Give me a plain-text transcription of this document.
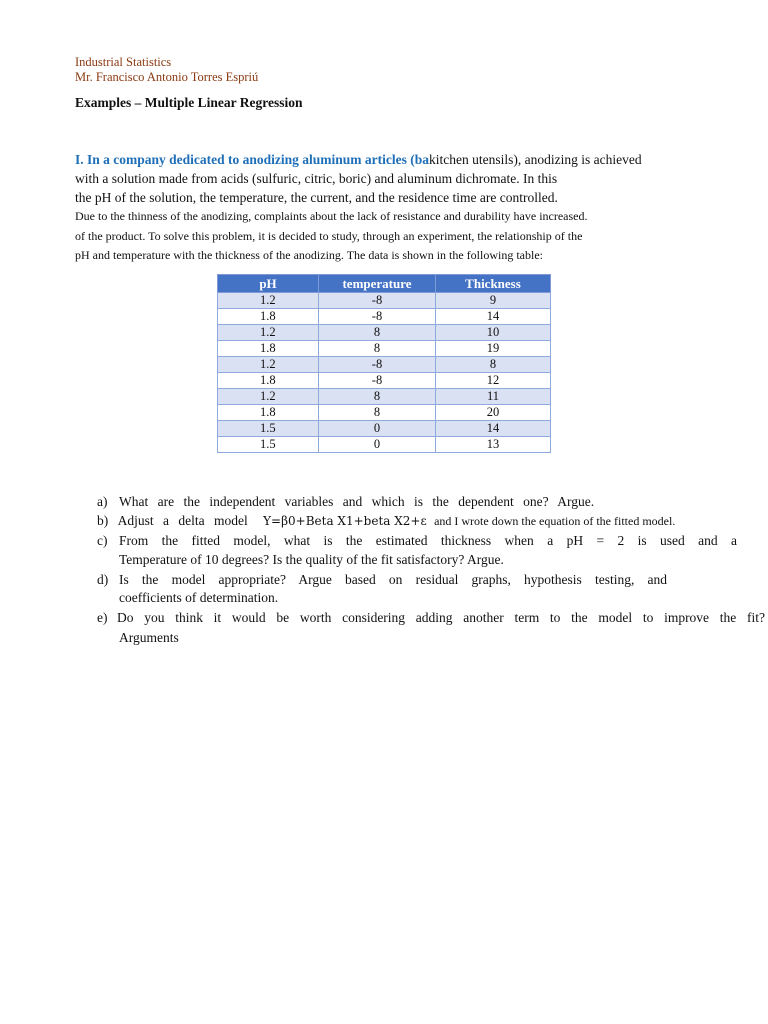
Industrial Statistics
Mr. Francisco Antonio Torres Espriú
Examples – Multiple Linear Regression
I. In a company dedicated to anodizing aluminum articles (bakitchen utensils), anodizing is achieved
with a solution made from acids (sulfuric, citric, boric) and aluminum dichromate. In this
the pH of the solution, the temperature, the current, and the residence time are controlled.
Due to the thinness of the anodizing, complaints about the lack of resistance and durability have increased.
of the product. To solve this problem, it is decided to study, through an experiment, the relationship of the
pH and temperature with the thickness of the anodizing. The data is shown in the following table:
pH	temperature	Thickness
1.2	-8	9
1.8	-8	14
1.2	8	10
1.8	8	19
1.2	-8	8
1.8	-8	12
1.2	8	11
1.8	8	20
1.5	0	14
1.5	0	13
a) What are the independent variables and which is the dependent one? Argue.
b) Adjust a delta model Y=β0+Beta X1+beta X2+ε and I wrote down the equation of the fitted model.
c) From the fitted model, what is the estimated thickness when a pH = 2 is used and a
Temperature of 10 degrees? Is the quality of the fit satisfactory? Argue.
d) Is the model appropriate? Argue based on residual graphs, hypothesis testing, and
coefficients of determination.
e) Do you think it would be worth considering adding another term to the model to improve the fit?
Arguments
